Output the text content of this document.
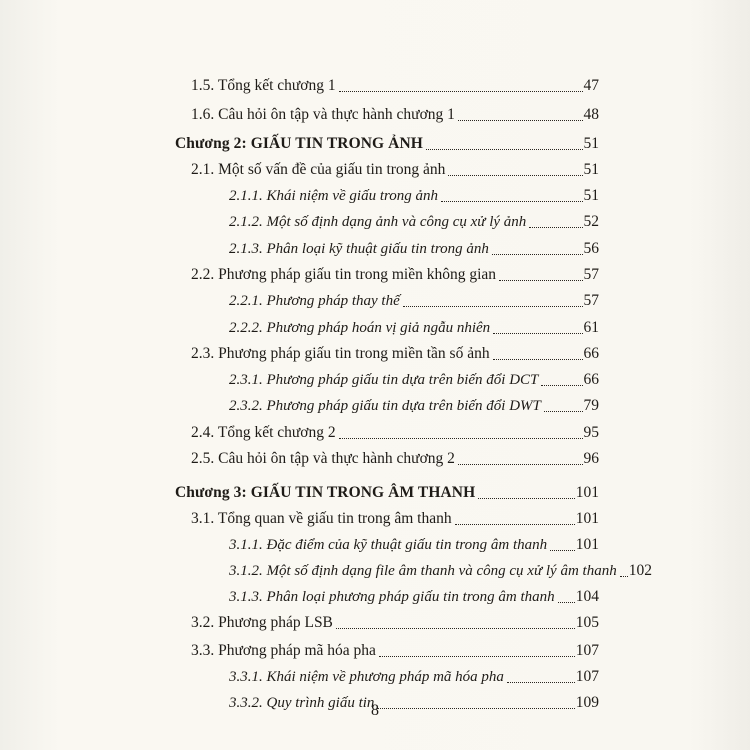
1.5. Tổng kết chương 1	47
1.6. Câu hỏi ôn tập và thực hành chương 1	48
Chương 2: GIẤU TIN TRONG ẢNH	51
2.1. Một số vấn đề của giấu tin trong ảnh	51
2.1.1. Khái niệm về giấu trong ảnh	51
2.1.2. Một số định dạng ảnh và công cụ xử lý ảnh	52
2.1.3. Phân loại kỹ thuật giấu tin trong ảnh	56
2.2. Phương pháp giấu tin trong miền không gian	57
2.2.1. Phương pháp thay thế	57
2.2.2. Phương pháp hoán vị giả ngẫu nhiên	61
2.3. Phương pháp giấu tin trong miền tần số ảnh	66
2.3.1. Phương pháp giấu tin dựa trên biến đổi DCT	66
2.3.2. Phương pháp giấu tin dựa trên biến đổi DWT	79
2.4. Tổng kết chương 2	95
2.5. Câu hỏi ôn tập và thực hành chương 2	96
Chương 3: GIẤU TIN TRONG ÂM THANH	101
3.1. Tổng quan về giấu tin trong âm thanh	101
3.1.1. Đặc điểm của kỹ thuật giấu tin trong âm thanh 101
3.1.2. Một số định dạng file âm thanh và công cụ xử lý âm thanh 102
3.1.3. Phân loại phương pháp giấu tin trong âm thanh 104
3.2. Phương pháp LSB	105
3.3. Phương pháp mã hóa pha	107
3.3.1. Khái niệm về phương pháp mã hóa pha	107
3.3.2. Quy trình giấu tin	109
8
